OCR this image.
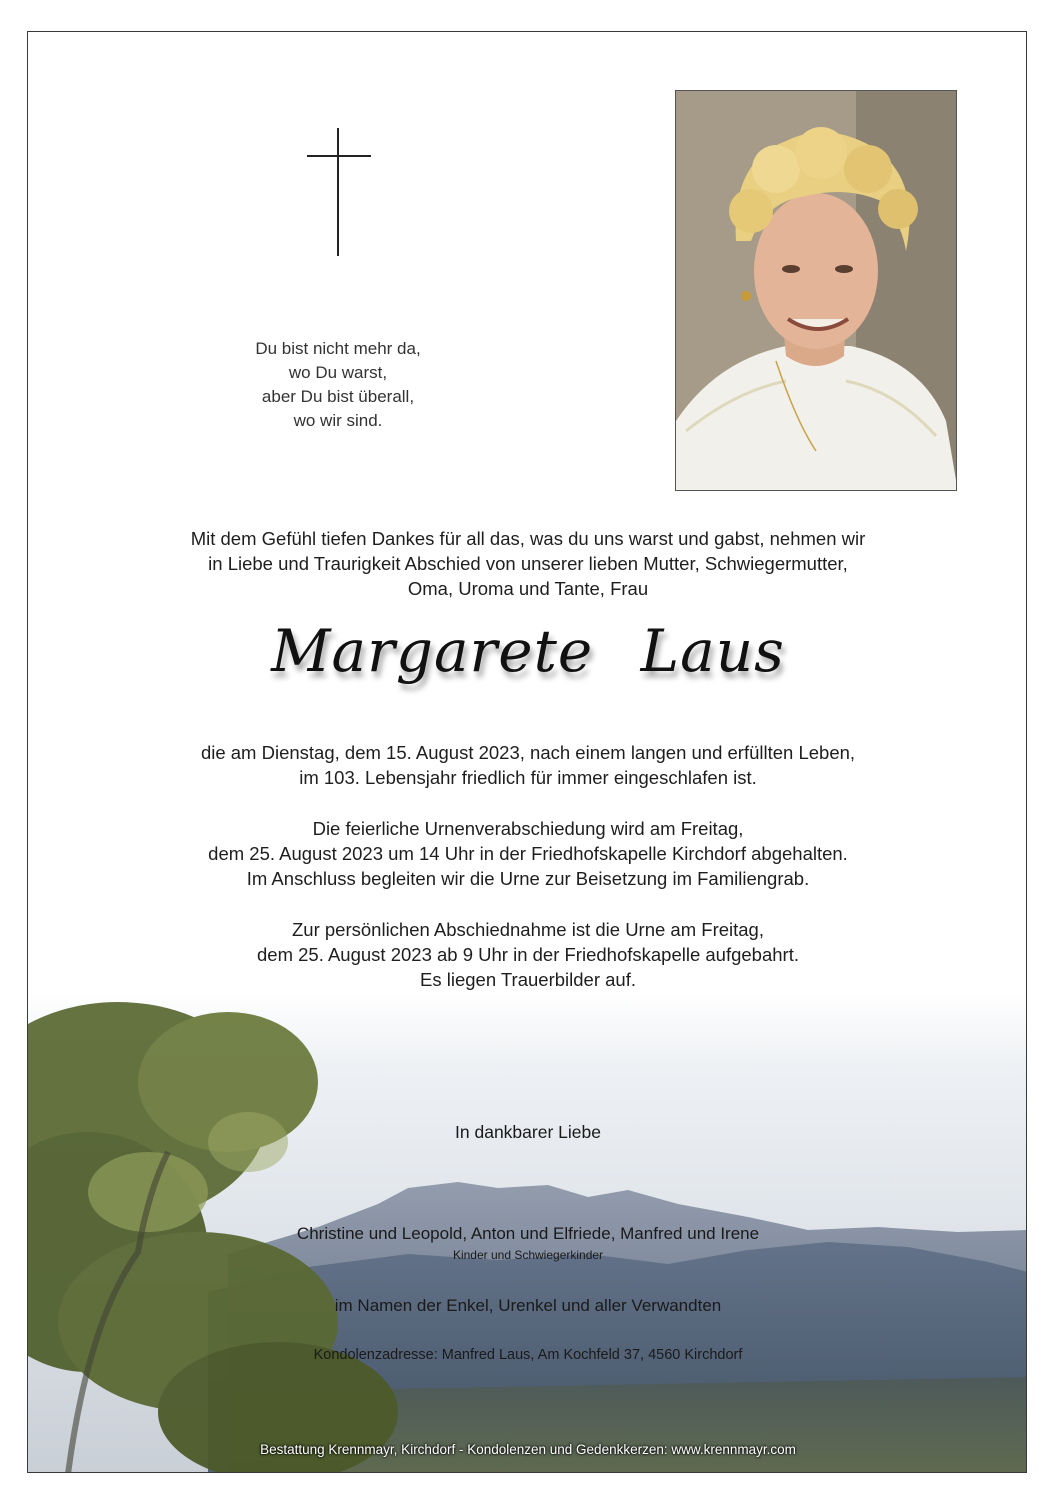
Du bist nicht mehr da,
wo Du warst,
aber Du bist überall,
wo wir sind.
Mit dem Gefühl tiefen Dankes für all das, was du uns warst und gabst, nehmen wir
in Liebe und Traurigkeit Abschied von unserer lieben Mutter, Schwiegermutter,
Oma, Uroma und Tante, Frau
Margarete Laus
die am Dienstag, dem 15. August 2023, nach einem langen und erfüllten Leben,
im 103. Lebensjahr friedlich für immer eingeschlafen ist.
Die feierliche Urnenverabschiedung wird am Freitag,
dem 25. August 2023 um 14 Uhr in der Friedhofskapelle Kirchdorf abgehalten.
Im Anschluss begleiten wir die Urne zur Beisetzung im Familiengrab.
Zur persönlichen Abschiednahme ist die Urne am Freitag,
dem 25. August 2023 ab 9 Uhr in der Friedhofskapelle aufgebahrt.
Es liegen Trauerbilder auf.
In dankbarer Liebe
Christine und Leopold, Anton und Elfriede, Manfred und Irene
Kinder und Schwiegerkinder
im Namen der Enkel, Urenkel und aller Verwandten
Kondolenzadresse: Manfred Laus, Am Kochfeld 37, 4560 Kirchdorf
Bestattung Krennmayr, Kirchdorf - Kondolenzen und Gedenkkerzen: www.krennmayr.com
